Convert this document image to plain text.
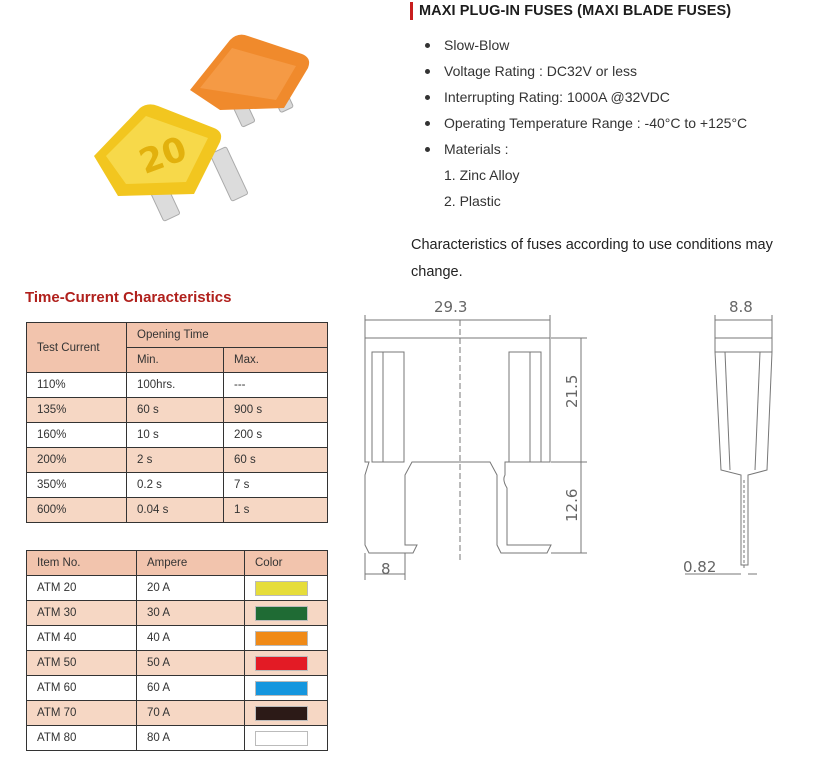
20
MAXI PLUG-IN FUSES (MAXI BLADE FUSES)
Slow-Blow
Voltage Rating : DC32V or less
Interrupting Rating: 1000A @32VDC
Operating Temperature Range : -40°C to +125°C
Materials :
1. Zinc Alloy
2. Plastic

Characteristics of fuses according to use conditions may change.

Time-Current Characteristics
Test Current	Opening Time	
	Min.	Max.
110%	100hrs.	---
135%	60 s	900 s
160%	10 s	200 s
200%	2 s	60 s
350%	0.2 s	7 s
600%	0.04 s	1 s
Item No.	Ampere	Color
ATM 20	20 A	

ATM 30	30 A	

ATM 40	40 A	

ATM 50	50 A	

ATM 60	60 A	

ATM 70	70 A	

ATM 80	80 A	
29.3
8
21.5
12.6
8.8
0.82
